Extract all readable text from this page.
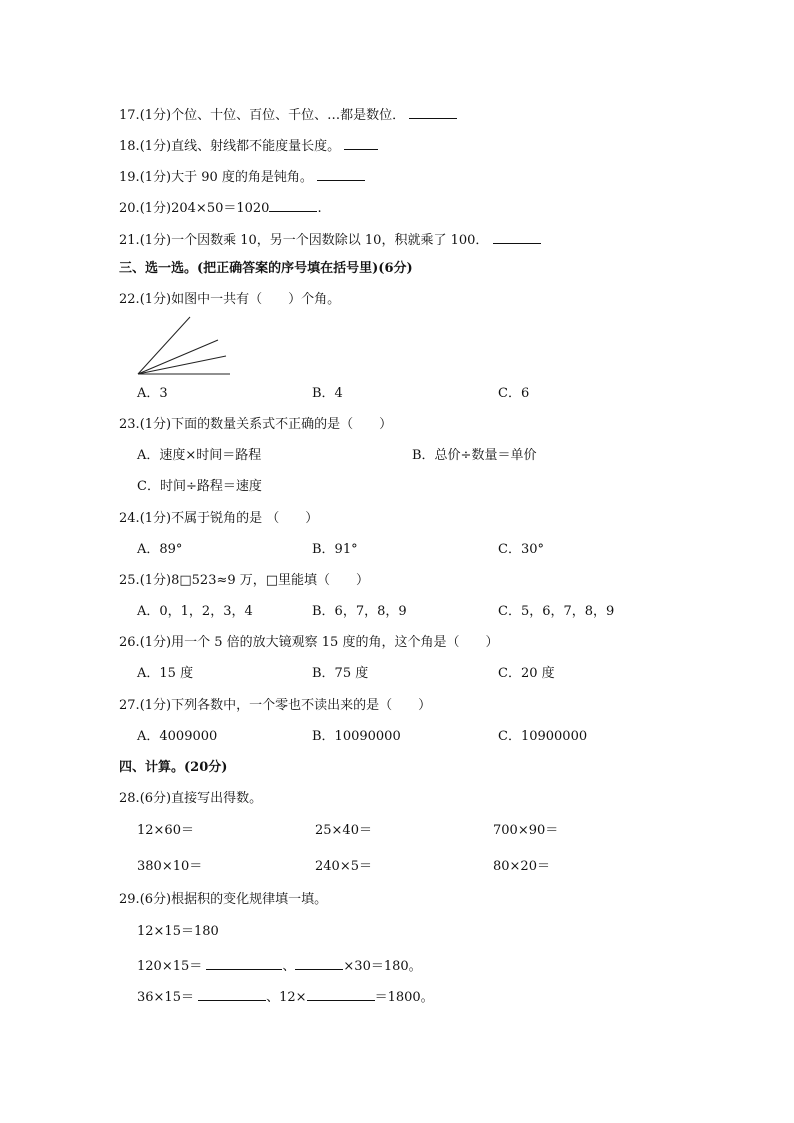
17.(1分)个位、十位、百位、千位、…都是数位．
18.(1分)直线、射线都不能度量长度。
19.(1分)大于 90 度的角是钝角。
20.(1分)204×50＝1020	.
21.(1分)一个因数乘 10，另一个因数除以 10，积就乘了 100．
三、选一选。(把正确答案的序号填在括号里)(6分)
22.(1分)如图中一共有（　　）个角。
A．3	B．4	C．6
23.(1分)下面的数量关系式不正确的是（　　）
A．速度×时间＝路程	B．总价÷数量＝单价
C．时间÷路程＝速度
24.(1分)不属于锐角的是 （　　）
A．89°	B．91°	C．30°
25.(1分)8□523≈9 万，□里能填（　　）
A．0，1，2，3，4	B．6，7，8，9	C．5，6，7，8，9
26.(1分)用一个 5 倍的放大镜观察 15 度的角，这个角是（　　）
A．15 度	B．75 度	C．20 度
27.(1分)下列各数中，一个零也不读出来的是（　　）
A．4009000	B．10090000	C．10900000
四、计算。(20分)
28.(6分)直接写出得数。
12×60＝	25×40＝	700×90＝
380×10＝	240×5＝	80×20＝
29.(6分)根据积的变化规律填一填。
12×15＝180
120×15＝	、	×30＝180。
36×15＝	、12×	＝1800。
